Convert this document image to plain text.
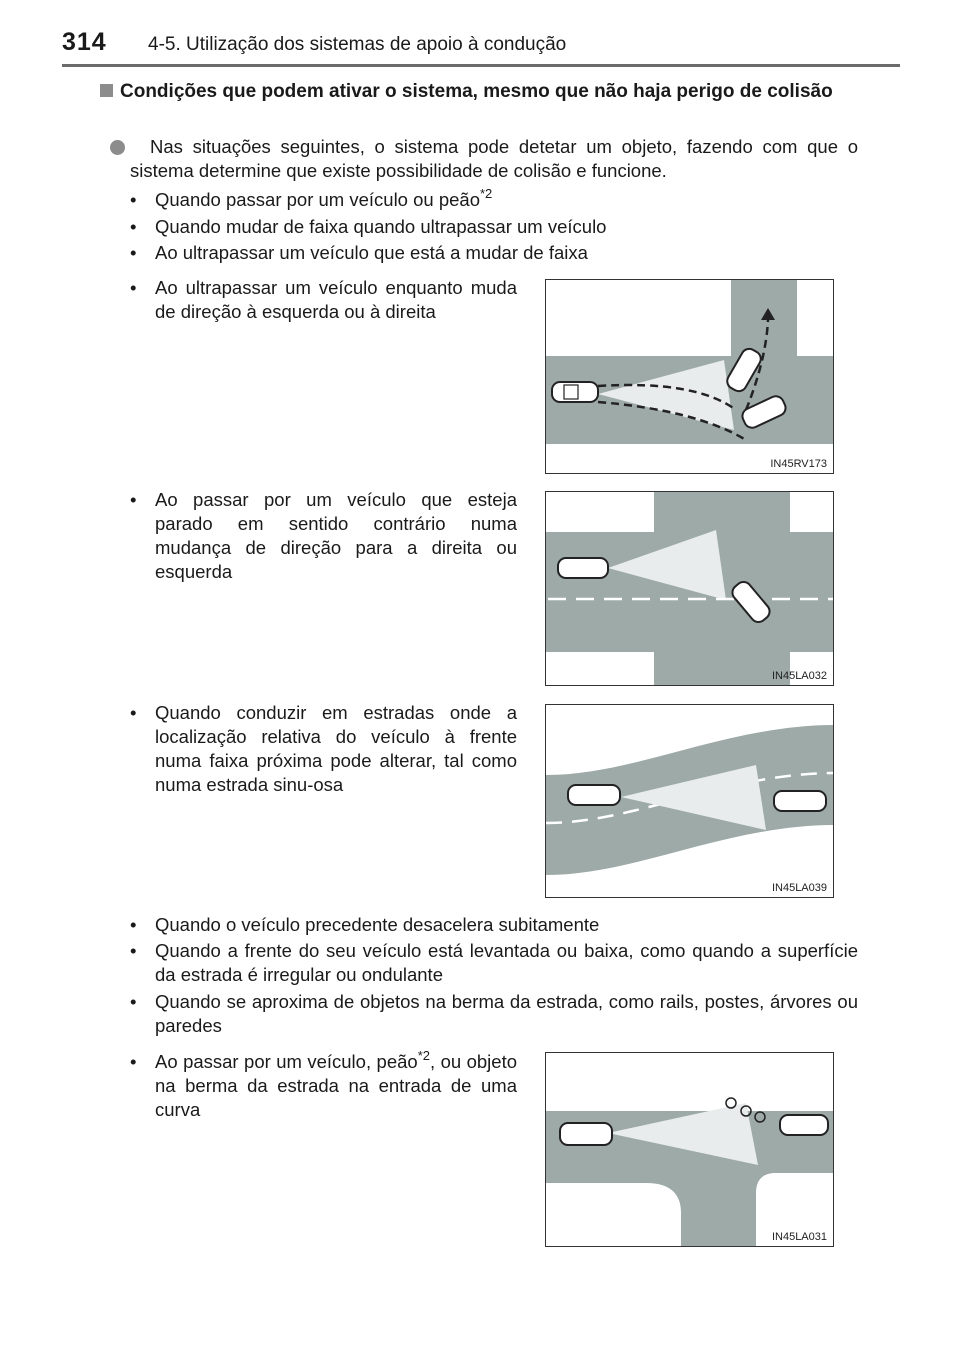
314 4-5. Utilização dos sistemas de apoio à condução
Condições que podem ativar o sistema, mesmo que não haja perigo de colisão
Nas situações seguintes, o sistema pode detetar um objeto, fazendo com que o sistema determine que existe possibilidade de colisão e funcione.
• Quando passar por um veículo ou peão$^{*2}$
• Quando mudar de faixa quando ultrapassar um veículo
• Ao ultrapassar um veículo que está a mudar de faixa
• Ao ultrapassar um veículo enquanto muda de direção à esquerda ou à direita
IN45RV173
• Ao passar por um veículo que esteja parado em sentido contrário numa mudança de direção para a direita ou esquerda
IN45LA032
• Quando conduzir em estradas onde a localização relativa do veículo à frente numa faixa próxima pode alterar, tal como numa estrada sinu-osa
IN45LA039
• Quando o veículo precedente desacelera subitamente
• Quando a frente do seu veículo está levantada ou baixa, como quando a superfície da estrada é irregular ou ondulante
• Quando se aproxima de objetos na berma da estrada, como rails, postes, árvores ou paredes
• Ao passar por um veículo, peão$^{*2}$, ou objeto na berma da estrada na entrada de uma curva
IN45LA031
